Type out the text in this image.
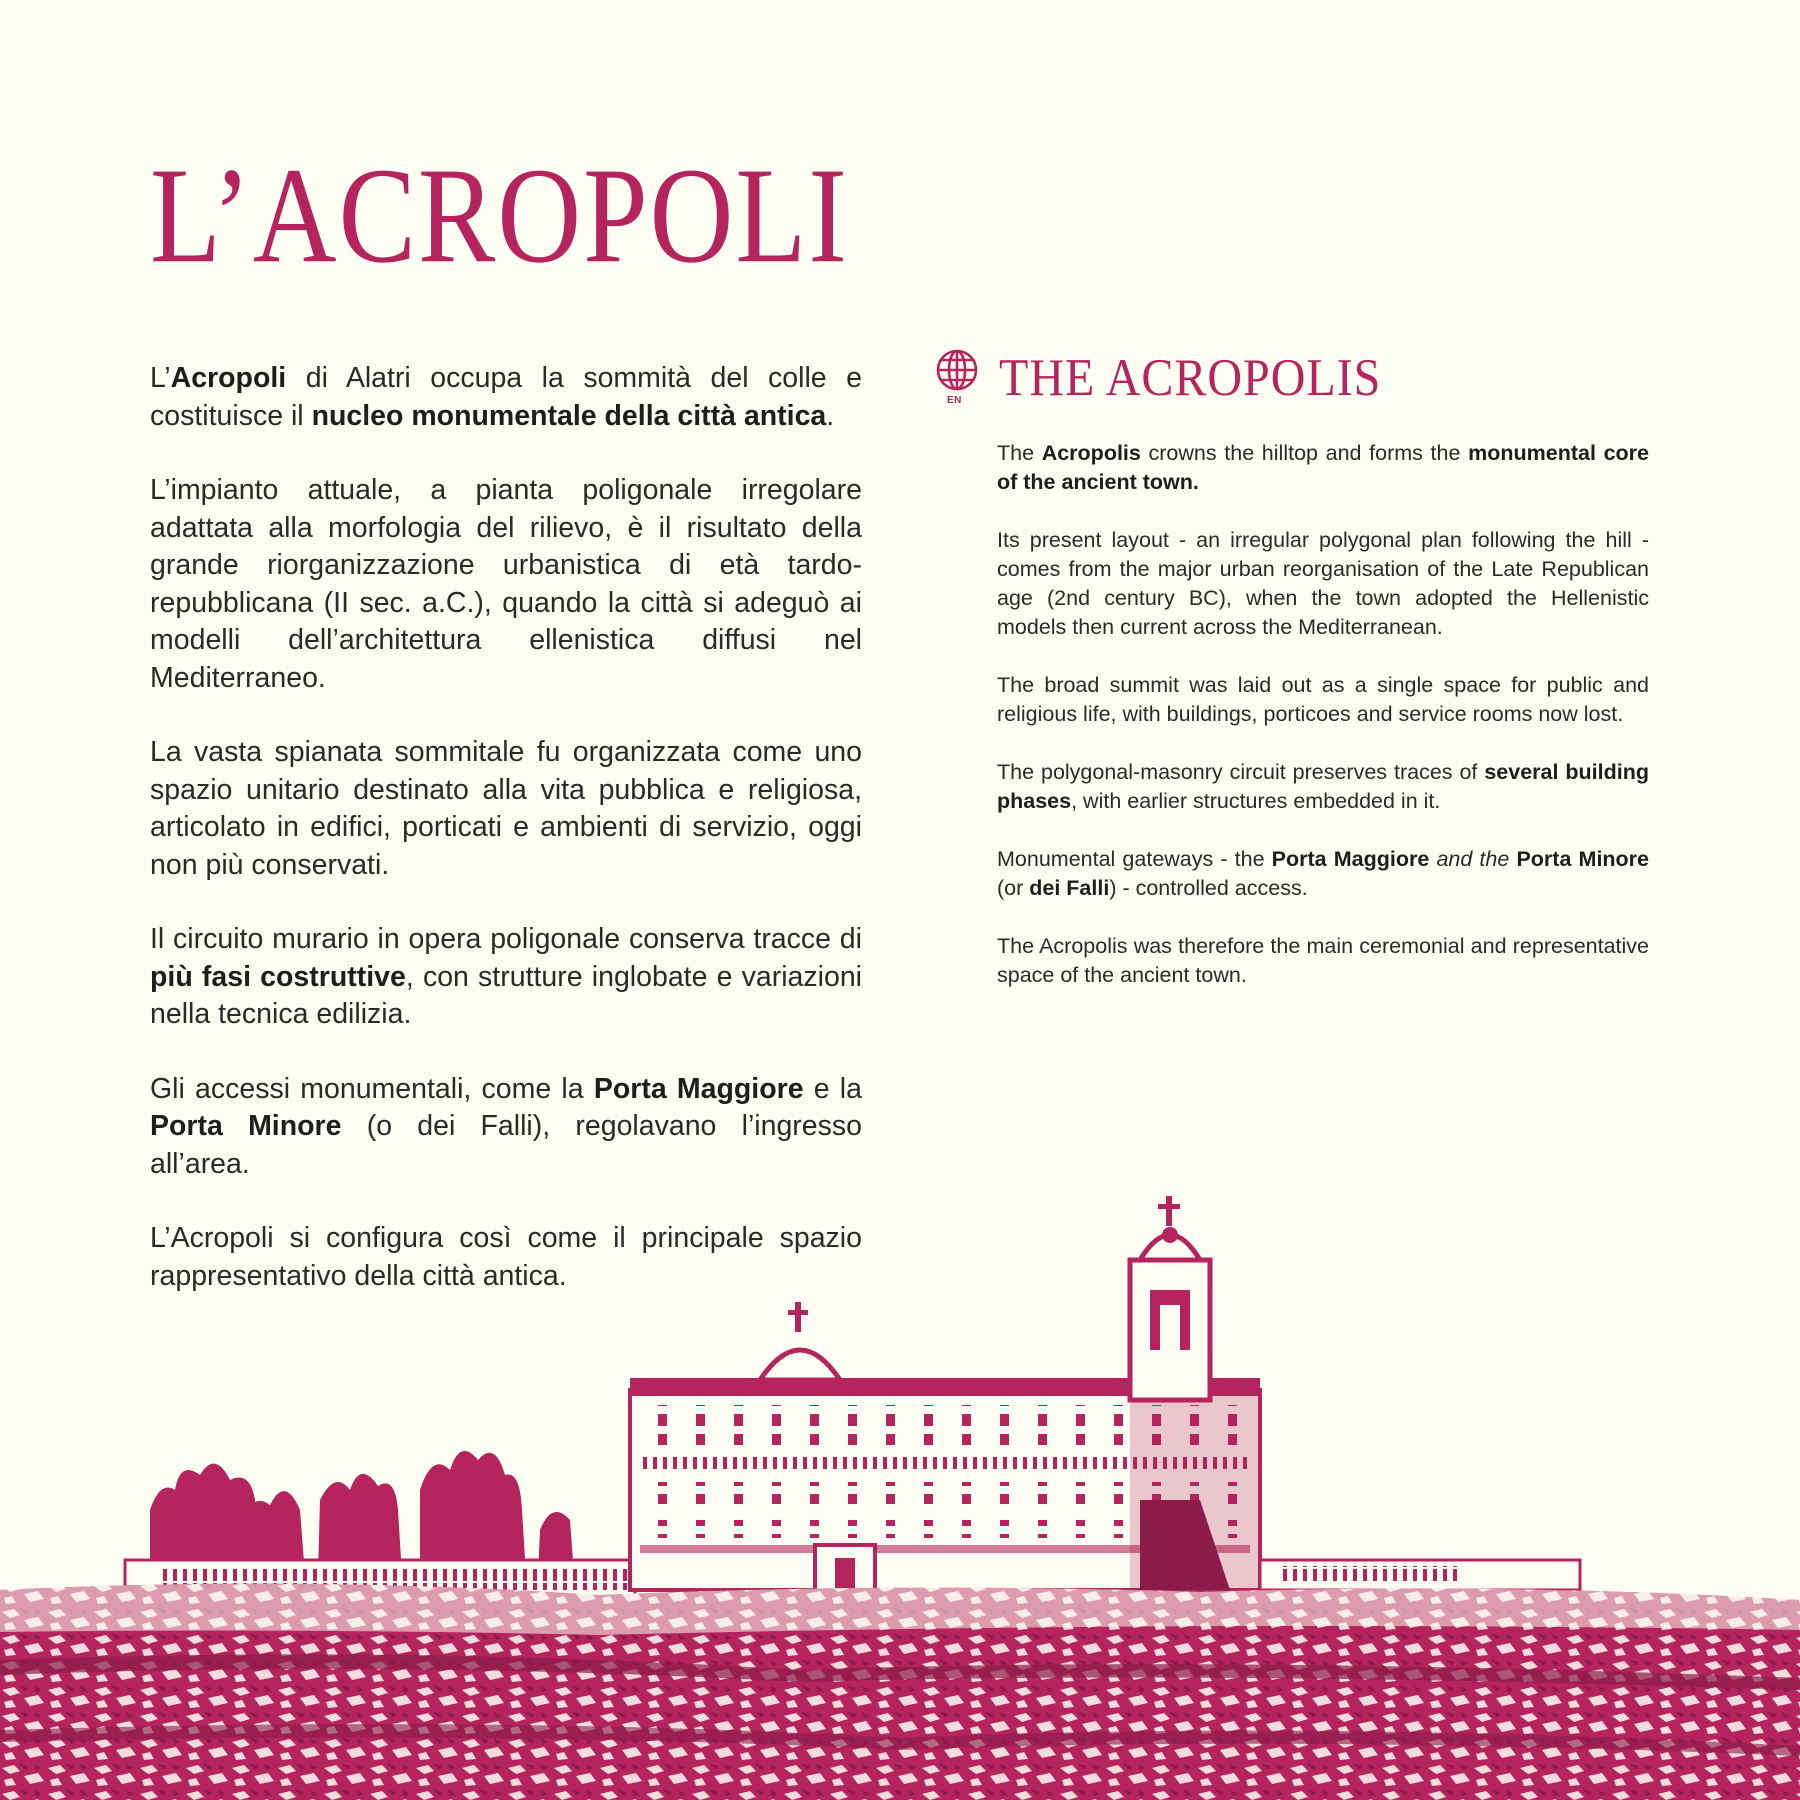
L’ACROPOLI

L’Acropoli di Alatri occupa la sommità del colle e costituisce il nucleo monumentale della città antica.

L’impianto attuale, a pianta poligonale irregolare adattata alla morfologia del rilievo, è il risultato della grande riorganizzazione urbanistica di età tardo-repubblicana (II sec. a.C.), quando la città si adeguò ai modelli dell’architettura ellenistica diffusi nel Mediterraneo.

La vasta spianata sommitale fu organizzata come uno spazio unitario destinato alla vita pubblica e religiosa, articolato in edifici, porticati e ambienti di servizio, oggi non più conservati.

Il circuito murario in opera poligonale conserva tracce di più fasi costruttive, con strutture inglobate e variazioni nella tecnica edilizia.

Gli accessi monumentali, come la Porta Maggiore e la Porta Minore (o dei Falli), regolavano l’ingresso all’area.

L’Acropoli si configura così come il principale spazio rappresentativo della città antica.

EN THE ACROPOLIS

The Acropolis crowns the hilltop and forms the monumental core of the ancient town.

Its present layout - an irregular polygonal plan following the hill - comes from the major urban reorganisation of the Late Republican age (2nd century BC), when the town adopted the Hellenistic models then current across the Mediterranean.

The broad summit was laid out as a single space for public and religious life, with buildings, porticoes and service rooms now lost.

The polygonal-masonry circuit preserves traces of several building phases, with earlier structures embedded in it.

Monumental gateways - the Porta Maggiore and the Porta Minore (or dei Falli) - controlled access.

The Acropolis was therefore the main ceremonial and representative space of the ancient town.
